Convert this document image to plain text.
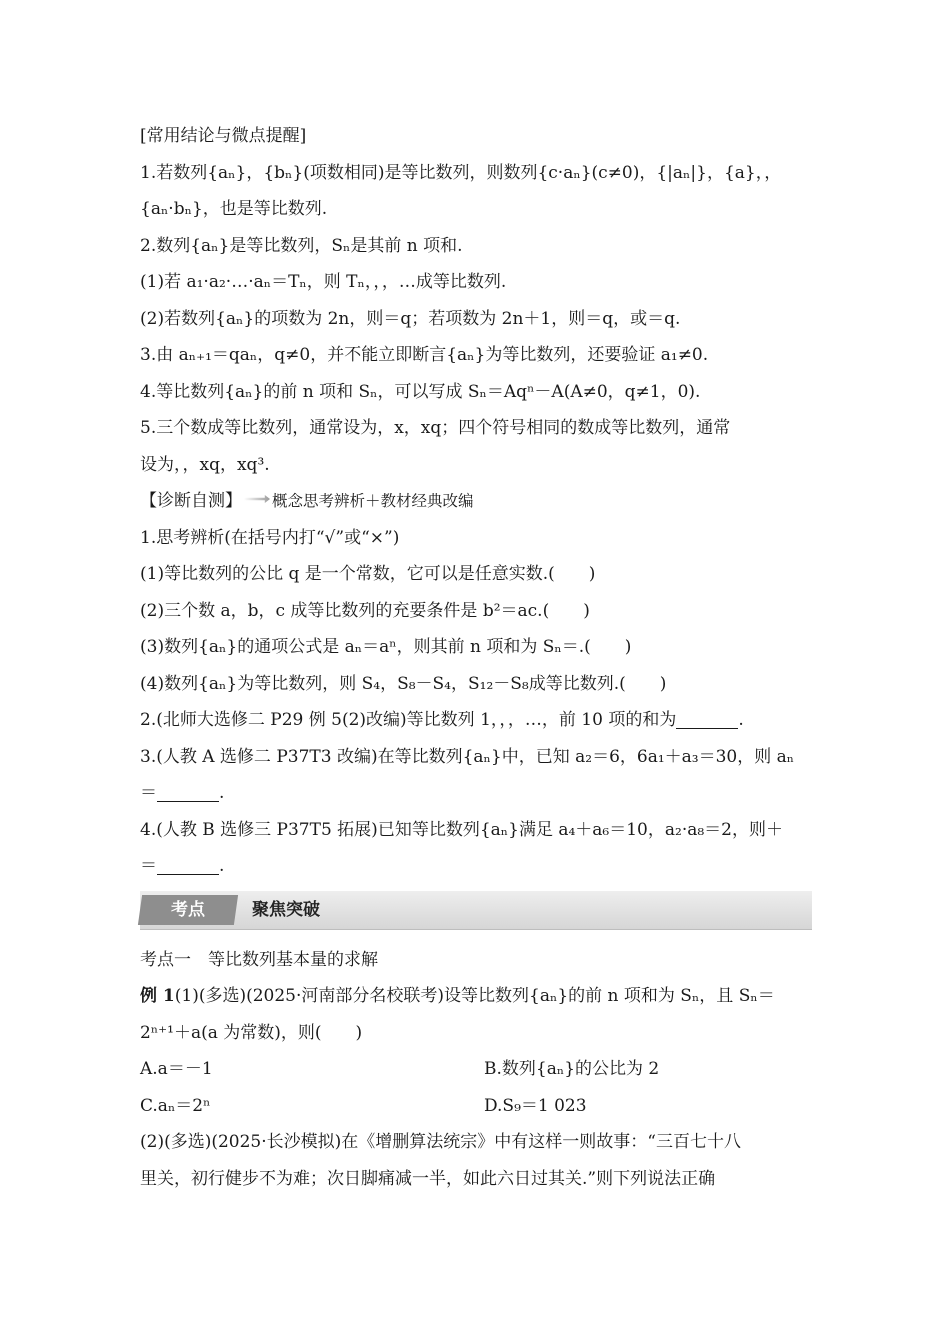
[常用结论与微点提醒]
1.若数列{aₙ}，{bₙ}(项数相同)是等比数列，则数列{c·aₙ}(c≠0)，{|aₙ|}，{a}，，
{aₙ·bₙ}，也是等比数列.
2.数列{aₙ}是等比数列，Sₙ是其前 n 项和.
(1)若 a₁·a₂·…·aₙ＝Tₙ，则 Tₙ，，，…成等比数列.
(2)若数列{aₙ}的项数为 2n，则＝q；若项数为 2n＋1，则＝q，或＝q.
3.由 aₙ₊₁＝qaₙ，q≠0，并不能立即断言{aₙ}为等比数列，还要验证 a₁≠0.
4.等比数列{aₙ}的前 n 项和 Sₙ，可以写成 Sₙ＝Aqⁿ－A(A≠0，q≠1，0).
5.三个数成等比数列，通常设为，x，xq；四个符号相同的数成等比数列，通常
设为，，xq，xq³.
【诊断自测】 概念思考辨析＋教材经典改编
1.思考辨析(在括号内打“√”或“×”)
(1)等比数列的公比 q 是一个常数，它可以是任意实数.(　　)
(2)三个数 a，b，c 成等比数列的充要条件是 b²＝ac.(　　)
(3)数列{aₙ}的通项公式是 aₙ＝aⁿ，则其前 n 项和为 Sₙ＝.(　　)
(4)数列{aₙ}为等比数列，则 S₄，S₈－S₄，S₁₂－S₈成等比数列.(　　)
2.(北师大选修二 P29 例 5(2)改编)等比数列 1，，，…，前 10 项的和为	.
3.(人教 A 选修二 P37T3 改编)在等比数列{aₙ}中，已知 a₂＝6，6a₁＋a₃＝30，则 aₙ
＝	.
4.(人教 B 选修三 P37T5 拓展)已知等比数列{aₙ}满足 a₄＋a₆＝10，a₂·a₈＝2，则＋
＝	.
考点	聚焦突破
考点一　等比数列基本量的求解
例 1(1)(多选)(2025·河南部分名校联考)设等比数列{aₙ}的前 n 项和为 Sₙ，且 Sₙ＝
2ⁿ⁺¹＋a(a 为常数)，则(　　)
A.a＝－1	B.数列{aₙ}的公比为 2
C.aₙ＝2ⁿ	D.S₉＝1 023
(2)(多选)(2025·长沙模拟)在《增删算法统宗》中有这样一则故事：“三百七十八
里关，初行健步不为难；次日脚痛减一半，如此六日过其关.”则下列说法正确
